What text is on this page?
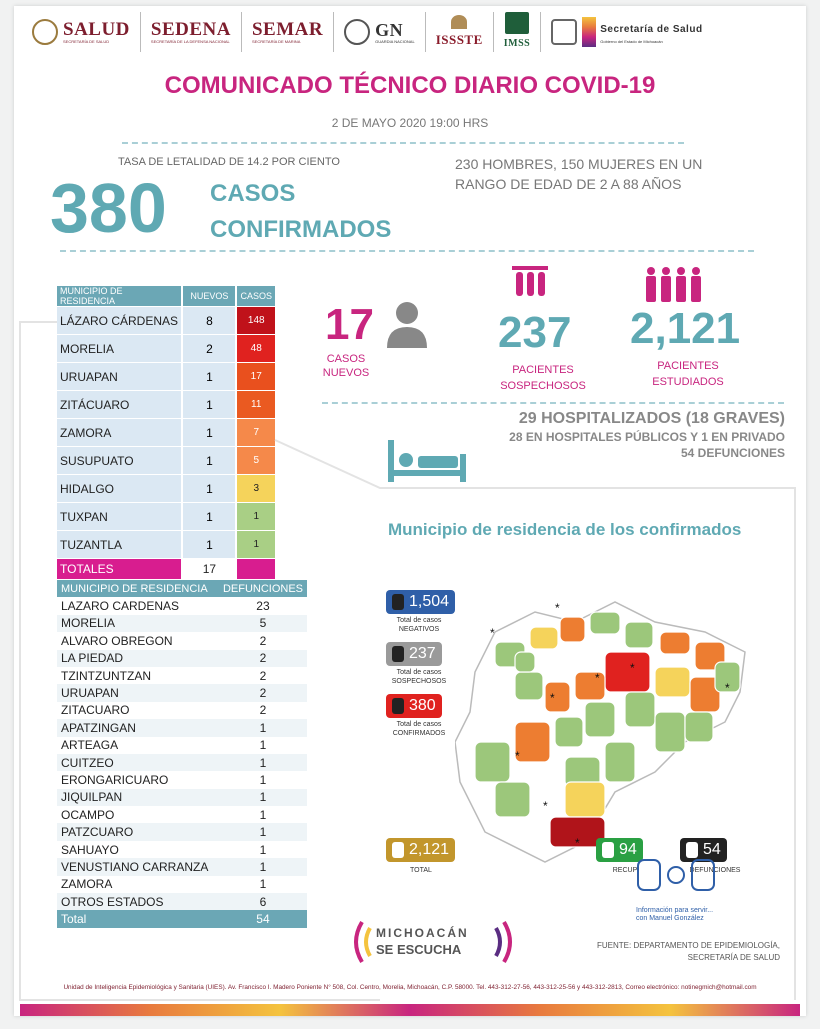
SALUD
SECRETARÍA DE SALUD
SEDENA
SECRETARÍA DE LA DEFENSA NACIONAL
SEMAR
SECRETARÍA DE MARINA
GN
GUARDIA NACIONAL ISSSTE IMSS
Secretaría de Salud
Gobierno del Estado de Michoacán
COMUNICADO TÉCNICO DIARIO COVID-19
2 DE MAYO 2020 19:00 HRS
TASA DE LETALIDAD DE 14.2 POR CIENTO
380 CASOS
CONFIRMADOS
230 HOMBRES, 150 MUJERES EN UN RANGO DE EDAD DE 2 A 88 AÑOS
MUNICIPIO DE RESIDENCIA	NUEVOS	CASOS
LÁZARO CÁRDENAS	8	148
MORELIA	2	48
URUAPAN	1	17
ZITÁCUARO	1	11
ZAMORA	1	7
SUSUPUATO	1	5
HIDALGO	1	3
TUXPAN	1	1
TUZANTLA	1	1
TOTALES	17	
17
CASOS
NUEVOS
237
PACIENTES
SOSPECHOSOS
2,121
PACIENTES
ESTUDIADOS
29 HOSPITALIZADOS (18 GRAVES)
28 EN HOSPITALES PÚBLICOS Y 1 EN PRIVADO
54 DEFUNCIONES
MUNICIPIO DE RESIDENCIA	DEFUNCIONES
LAZARO CARDENAS	23
MORELIA	5
ALVARO OBREGON	2
LA PIEDAD	2
TZINTZUNTZAN	2
URUAPAN	2
ZITACUARO	2
APATZINGAN	1
ARTEAGA	1
CUITZEO	1
ERONGARICUARO	1
JIQUILPAN	1
OCAMPO	1
PATZCUARO	1
SAHUAYO	1
VENUSTIANO CARRANZA	1
ZAMORA	1
OTROS ESTADOS	6
Total	54
Municipio de residencia de los confirmados
*
*
*
*
*
*
*
*
*
1,504
Total de casos NEGATIVOS
237
Total de casos SOSPECHOSOS
380
Total de casos CONFIRMADOS
2,121
TOTAL
94
RECUP
54
DEFUNCIONES
Información para servir... con Manuel González
MICHOACÁN
SE ESCUCHA	FUENTE: DEPARTAMENTO DE EPIDEMIOLOGÍA, SECRETARÍA DE SALUD
Unidad de Inteligencia Epidemiológica y Sanitaria (UIES). Av. Francisco I. Madero Poniente N° 508, Col. Centro, Morelia, Michoacán, C.P. 58000. Tel. 443-312-27-56, 443-312-25-56 y 443-312-2813, Correo electrónico: notinegmich@hotmail.com
